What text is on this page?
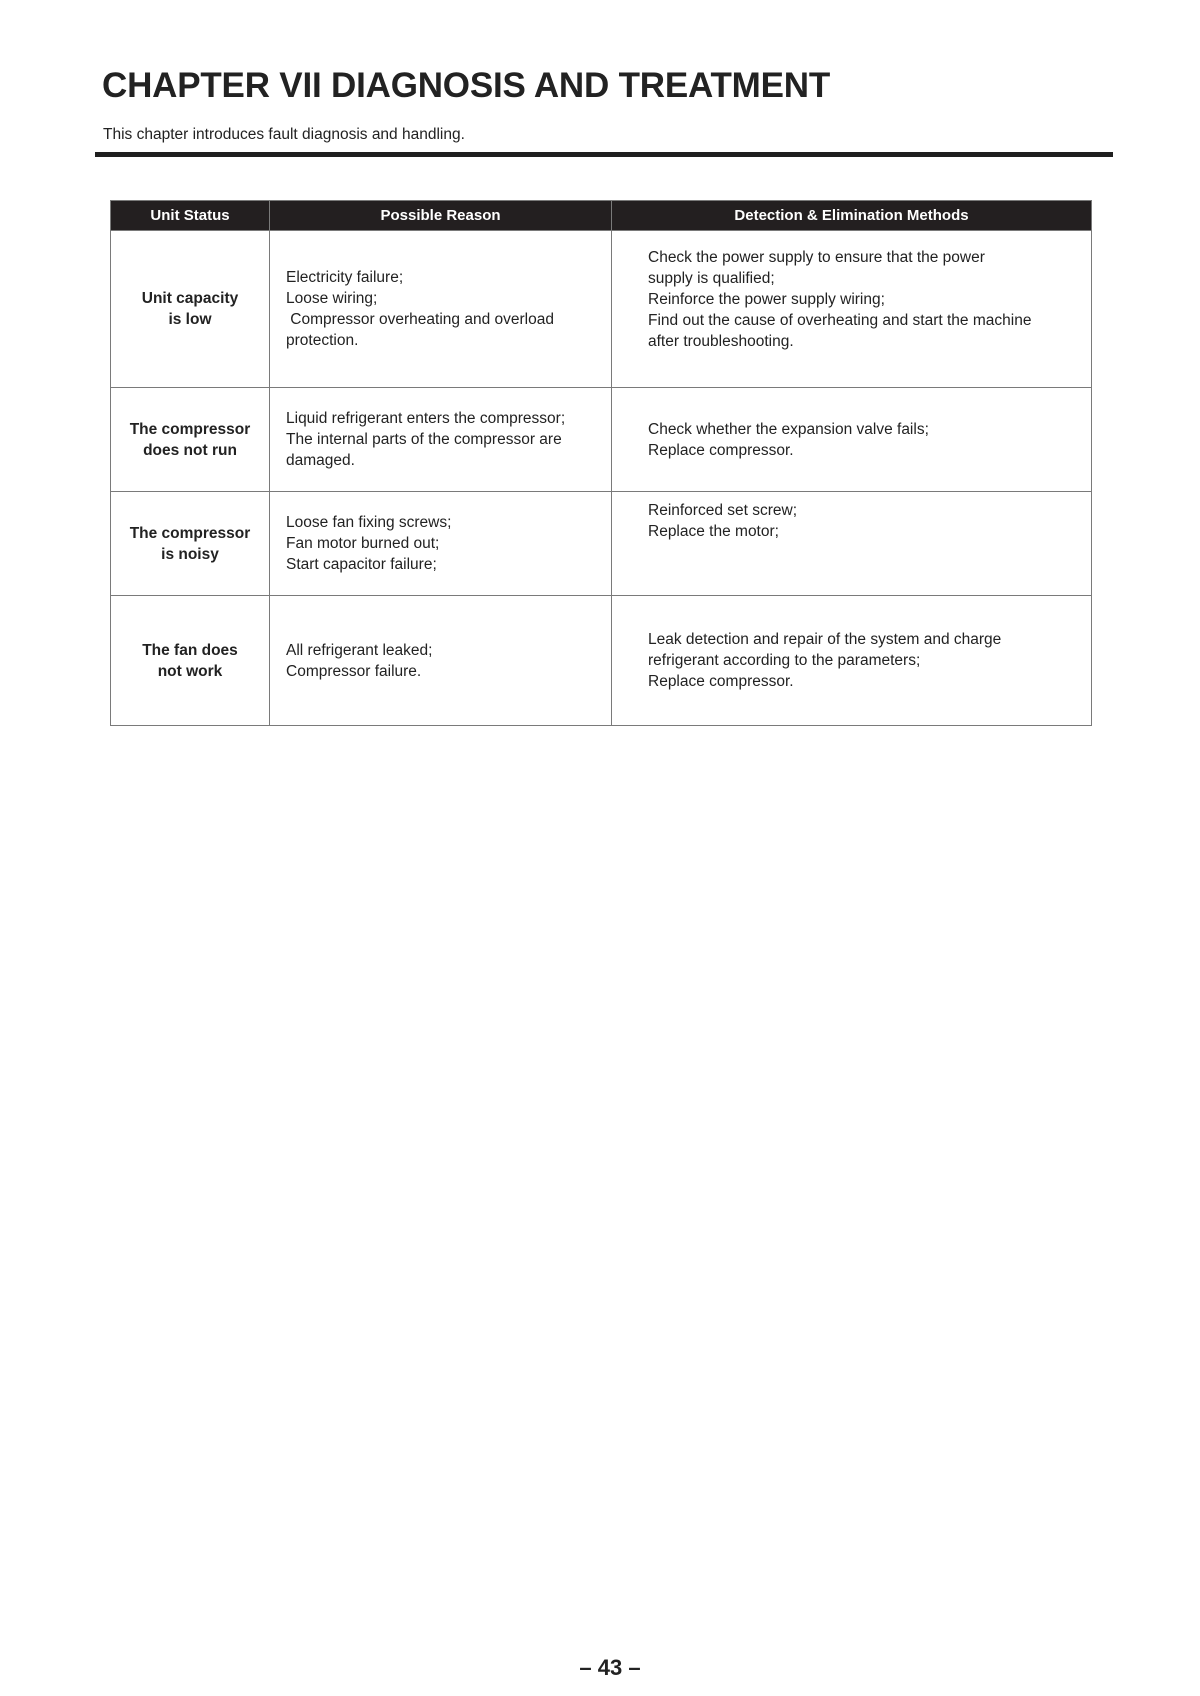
CHAPTER VII DIAGNOSIS AND TREATMENT

This chapter introduces fault diagnosis and handling.

Unit Status	Possible Reason	Detection & Elimination Methods

Unit capacity
is low	Electricity failure;
Loose wiring;
Compressor overheating and overload
protection.	Check the power supply to ensure that the power
supply is qualified;
Reinforce the power supply wiring;
Find out the cause of overheating and start the machine
after troubleshooting.

The compressor
does not run	Liquid refrigerant enters the compressor;
The internal parts of the compressor are
damaged.	Check whether the expansion valve fails;
Replace compressor.

The compressor
is noisy	Loose fan fixing screws;
Fan motor burned out;
Start capacitor failure;	Reinforced set screw;
Replace the motor;

The fan does
not work	All refrigerant leaked;
Compressor failure.	Leak detection and repair of the system and charge
refrigerant according to the parameters;
Replace compressor.

– 43 –
